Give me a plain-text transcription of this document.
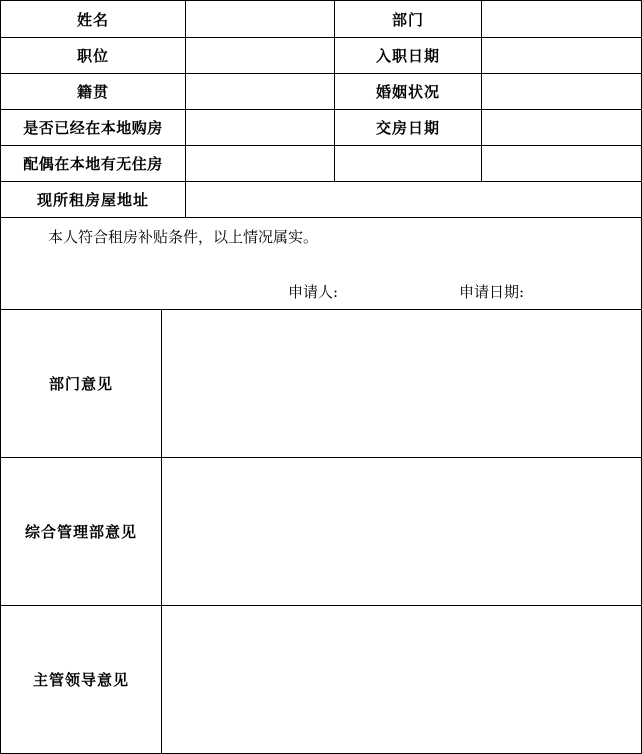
姓名	部门
职位	入职日期
籍贯	婚姻状况
是否已经在本地购房	交房日期
配偶在本地有无住房
现所租房屋地址
本人符合租房补贴条件，以上情况属实。
申请人:	申请日期:
部门意见
综合管理部意见
主管领导意见
